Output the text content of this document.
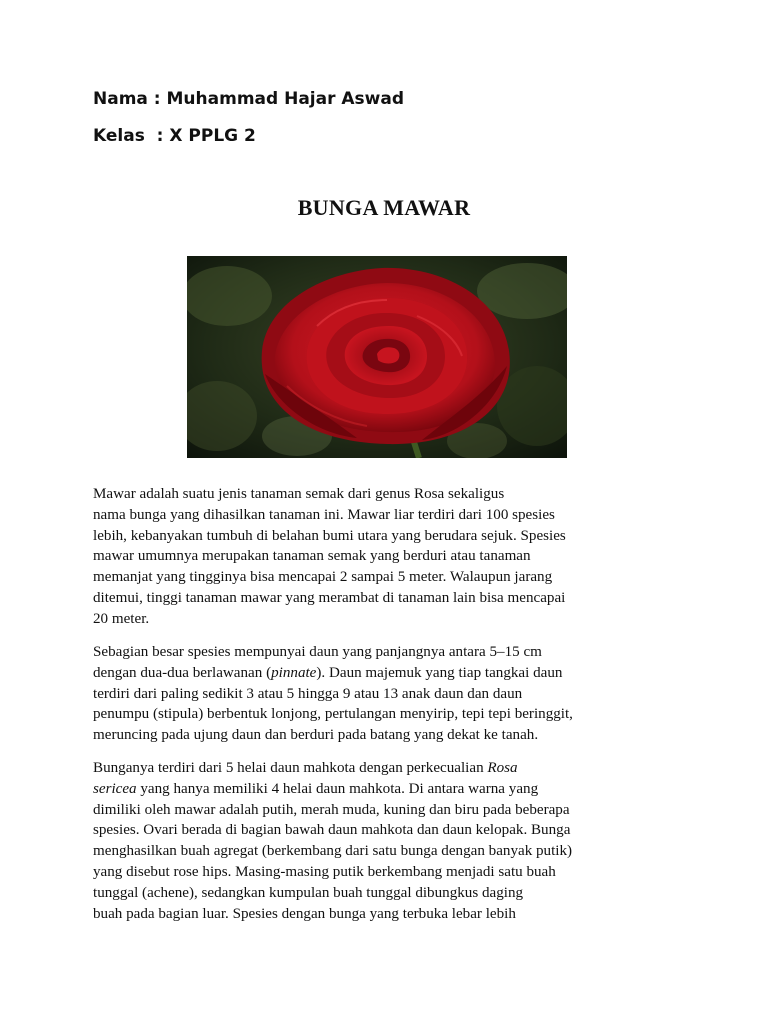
Nama : Muhammad Hajar Aswad
Kelas  : X PPLG 2
BUNGA MAWAR
Mawar adalah suatu jenis tanaman semak dari genus Rosa sekaligus
nama bunga yang dihasilkan tanaman ini. Mawar liar terdiri dari 100 spesies
lebih, kebanyakan tumbuh di belahan bumi utara yang berudara sejuk. Spesies
mawar umumnya merupakan tanaman semak yang berduri atau tanaman
memanjat yang tingginya bisa mencapai 2 sampai 5 meter. Walaupun jarang
ditemui, tinggi tanaman mawar yang merambat di tanaman lain bisa mencapai
20 meter.
Sebagian besar spesies mempunyai daun yang panjangnya antara 5–15 cm
dengan dua-dua berlawanan (pinnate). Daun majemuk yang tiap tangkai daun
terdiri dari paling sedikit 3 atau 5 hingga 9 atau 13 anak daun dan daun
penumpu (stipula) berbentuk lonjong, pertulangan menyirip, tepi tepi beringgit,
meruncing pada ujung daun dan berduri pada batang yang dekat ke tanah.
Bunganya terdiri dari 5 helai daun mahkota dengan perkecualian Rosa
sericea yang hanya memiliki 4 helai daun mahkota. Di antara warna yang
dimiliki oleh mawar adalah putih, merah muda, kuning dan biru pada beberapa
spesies. Ovari berada di bagian bawah daun mahkota dan daun kelopak. Bunga
menghasilkan buah agregat (berkembang dari satu bunga dengan banyak putik)
yang disebut rose hips. Masing-masing putik berkembang menjadi satu buah
tunggal (achene), sedangkan kumpulan buah tunggal dibungkus daging
buah pada bagian luar. Spesies dengan bunga yang terbuka lebar lebih
